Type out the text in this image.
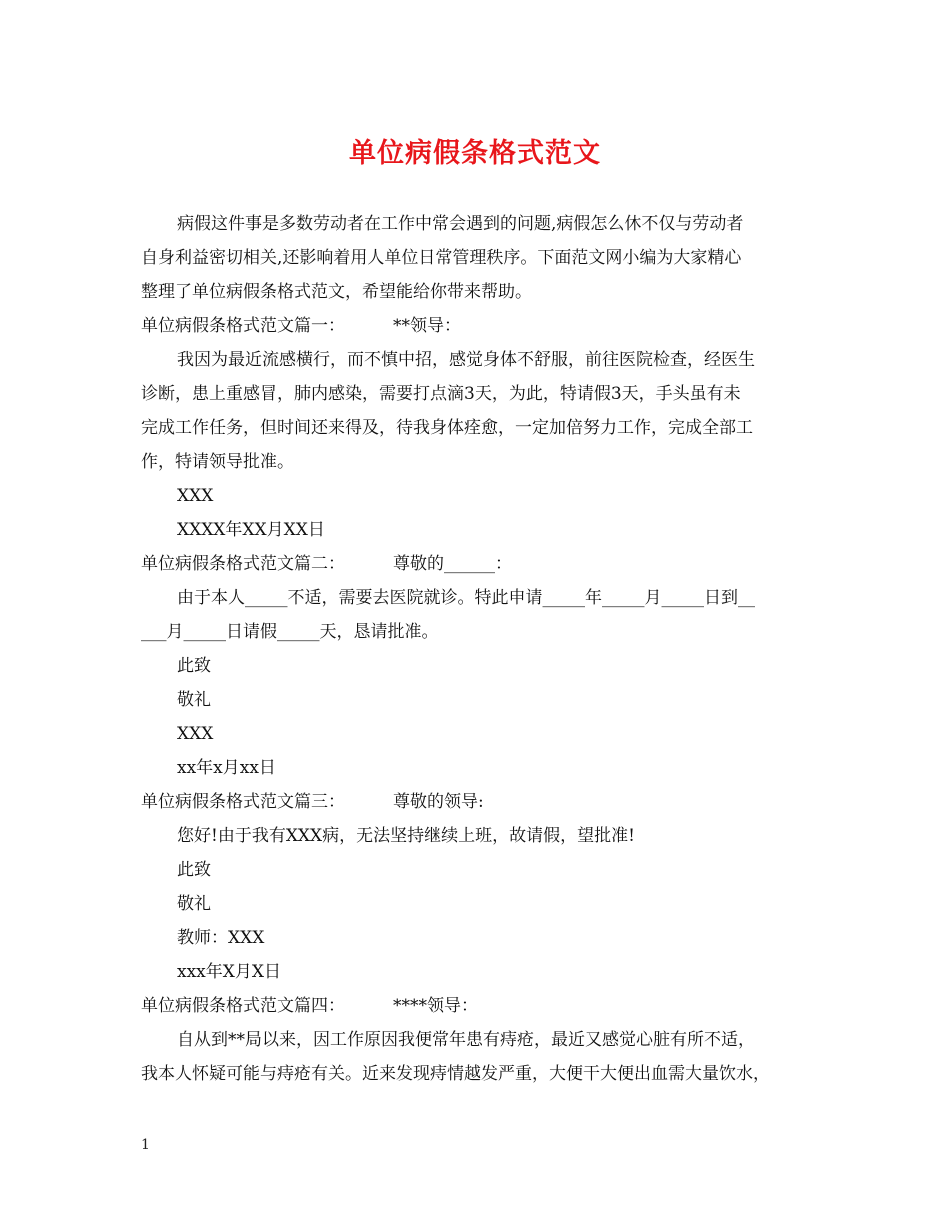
单位病假条格式范文
病假这件事是多数劳动者在工作中常会遇到的问题,病假怎么休不仅与劳动者
自身利益密切相关,还影响着用人单位日常管理秩序。下面范文网小编为大家精心
整理了单位病假条格式范文，希望能给你带来帮助。
单位病假条格式范文篇一：	**领导：
我因为最近流感横行，而不慎中招，感觉身体不舒服，前往医院检查，经医生
诊断，患上重感冒，肺内感染，需要打点滴3天，为此，特请假3天，手头虽有未
完成工作任务，但时间还来得及，待我身体痊愈，一定加倍努力工作，完成全部工
作，特请领导批准。
XXX
XXXX年XX月XX日
单位病假条格式范文篇二：	尊敬的______：
由于本人_____不适，需要去医院就诊。特此申请_____年_____月_____日到__
___月_____日请假_____天，恳请批准。
此致
敬礼
XXX
xx年x月xx日
单位病假条格式范文篇三：	尊敬的领导:
您好!由于我有XXX病，无法坚持继续上班，故请假，望批准!
此致
敬礼
教师：XXX
xxx年X月X日
单位病假条格式范文篇四：	****领导：
自从到**局以来，因工作原因我便常年患有痔疮，最近又感觉心脏有所不适，
我本人怀疑可能与痔疮有关。近来发现痔情越发严重，大便干大便出血需大量饮水，
1
